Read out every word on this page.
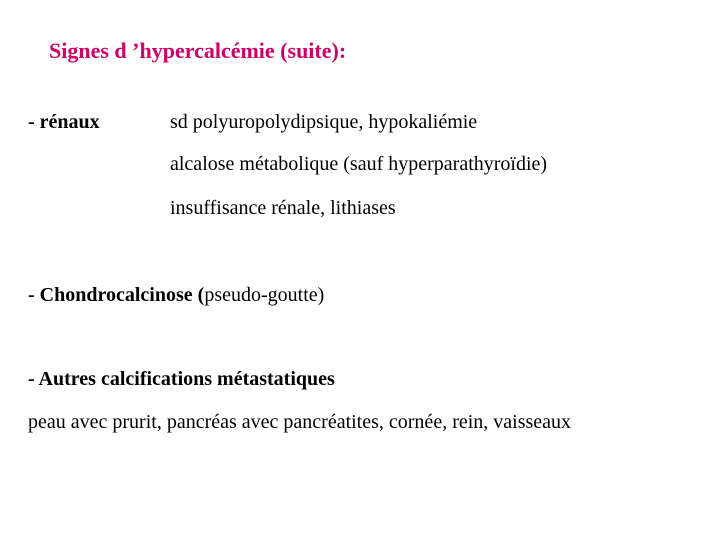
Signes d ’hypercalcémie (suite):
- rénaux	sd polyuropolydipsique, hypokaliémie
alcalose métabolique (sauf hyperparathyroïdie)
insuffisance rénale, lithiases
- Chondrocalcinose (pseudo-goutte)
- Autres calcifications métastatiques
peau avec prurit, pancréas avec pancréatites, cornée, rein, vaisseaux
